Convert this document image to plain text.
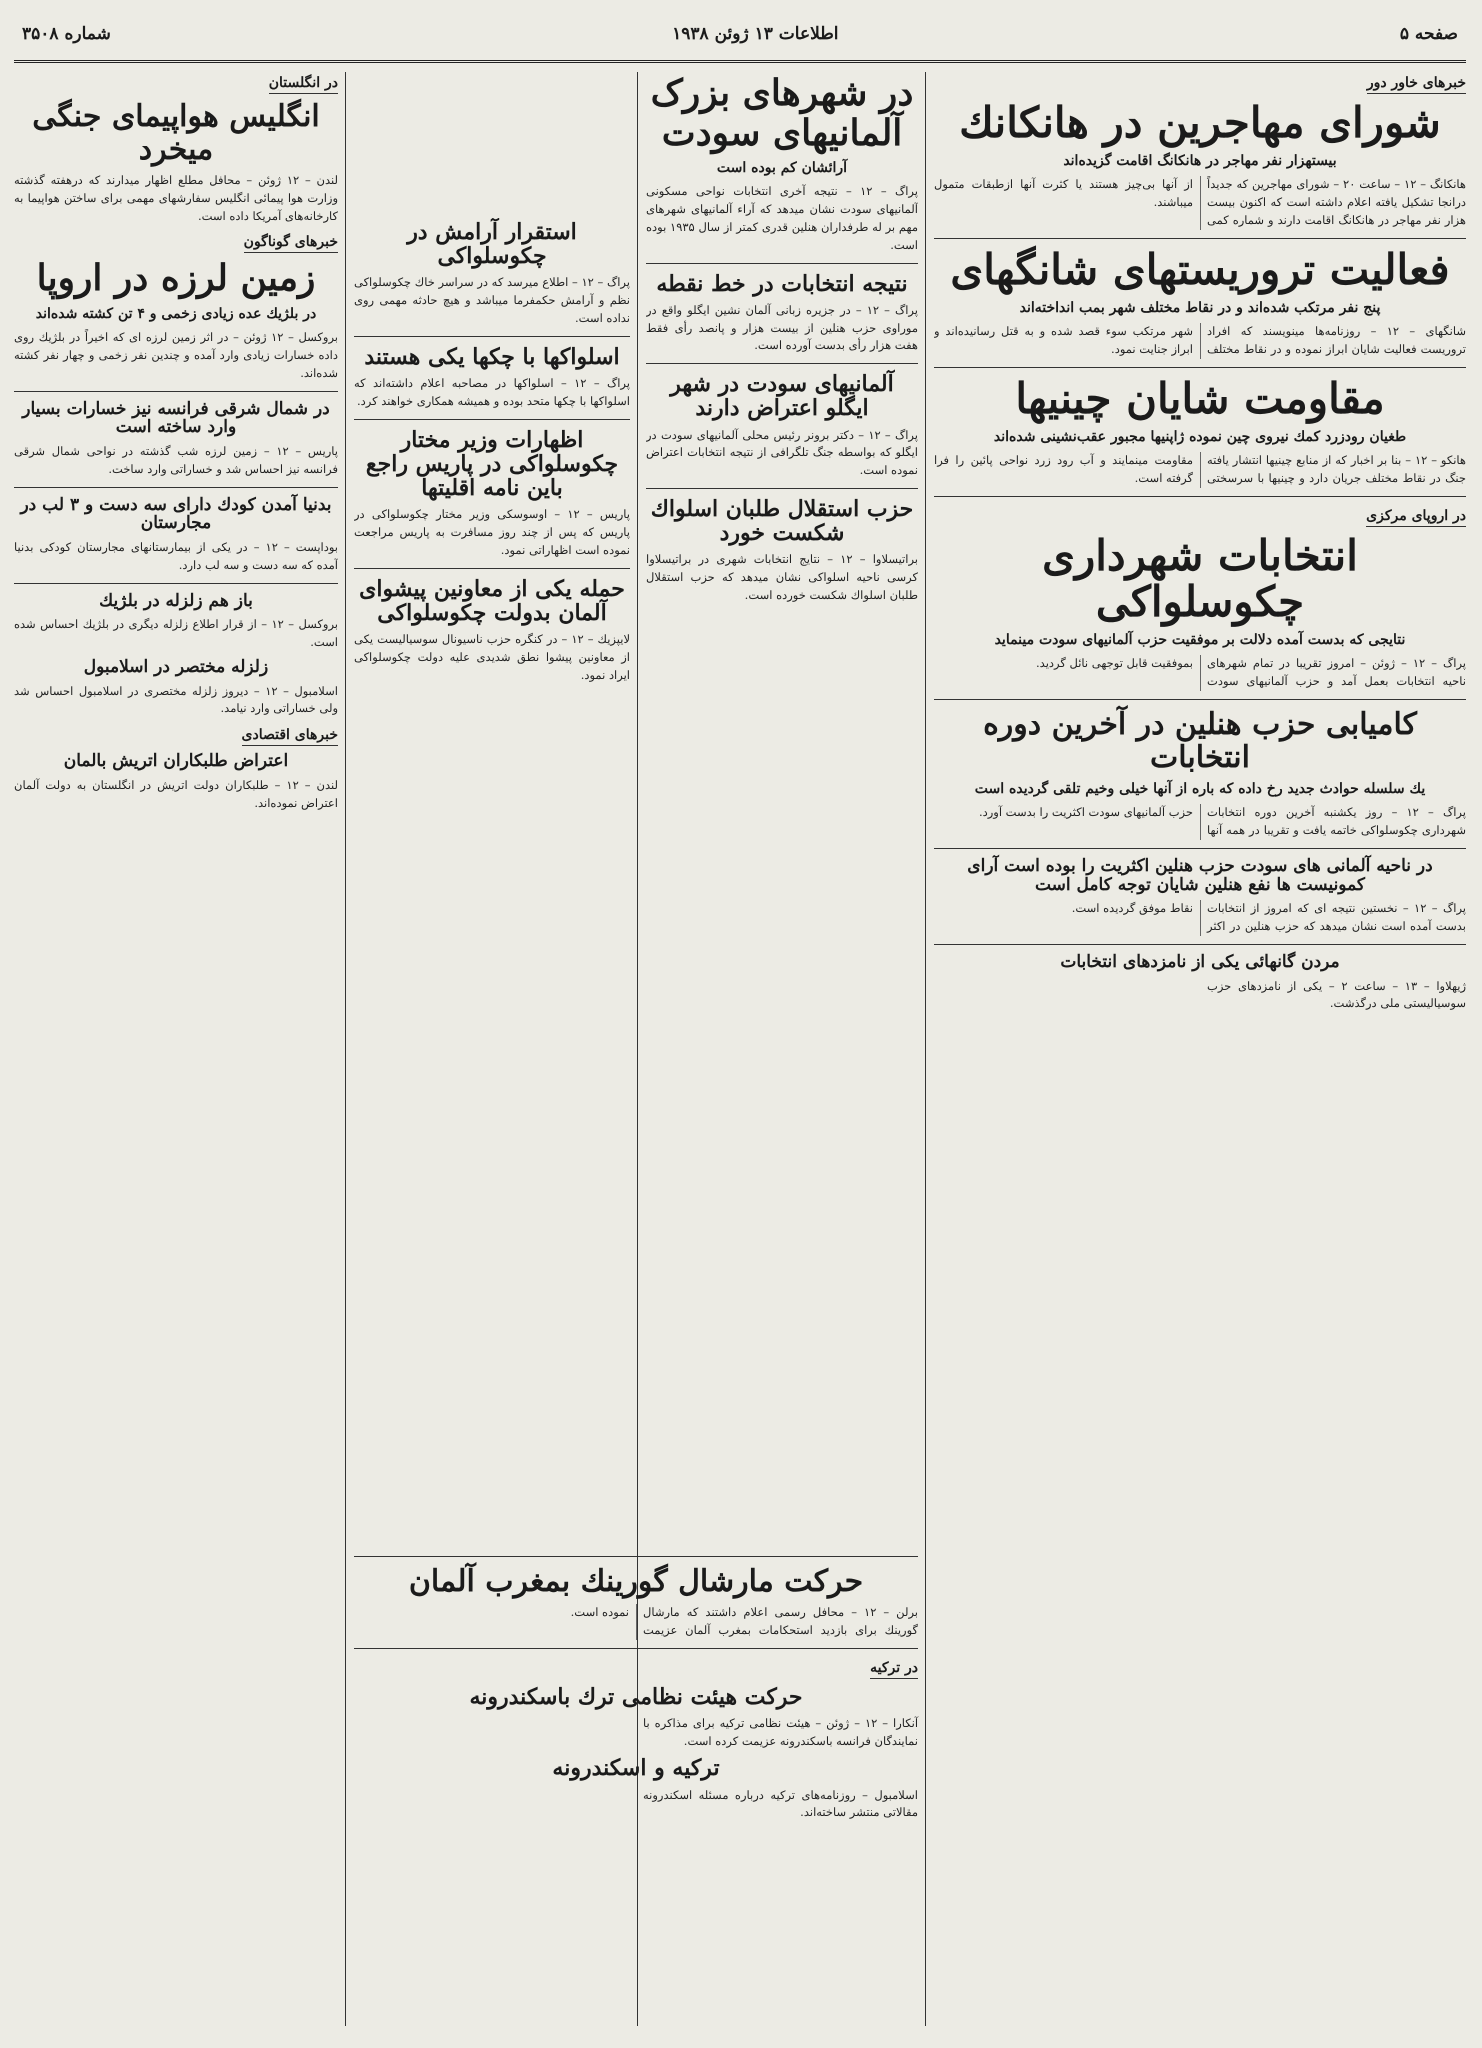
صفحه ۵
اطلاعات ۱۳ ژوئن ۱۹۳۸
شماره ۳۵۰۸
خبرهای خاور دور
شورای مهاجرین در هانکانك
بیستهزار نفر مهاجر در هانکانگ اقامت گزیده‌اند

هانکانگ – ۱۲ – ساعت ۲۰ – شورای مهاجرین که جدیداً درانجا تشکیل یافته اعلام داشته است که اکنون بیست هزار نفر مهاجر در هانکانگ اقامت دارند و شماره کمی از آنها بی‌چیز هستند یا کثرت آنها ازطبقات متمول میباشند.

فعالیت تروریستهای شانگهای
پنج نفر مرتکب شده‌اند و در نقاط مختلف شهر بمب انداخته‌اند

شانگهای – ۱۲ – روزنامه‌ها مینویسند که افراد تروریست فعالیت شایان ابراز نموده و در نقاط مختلف شهر مرتکب سوء قصد شده و به‌ قتل رسانیده‌اند و ابراز جنایت نمود.

مقاومت شایان چینیها
طغیان رودزرد کمك نیروی چین نموده ژاپنیها مجبور عقب‌نشینی شده‌اند

هانکو – ۱۲ – بنا بر اخبار که از منابع چینیها انتشار یافته جنگ در نقاط مختلف جریان دارد و چینیها با سرسختی مقاومت مینمایند و آب رود زرد نواحی پائین را فرا گرفته است.

در اروپای مرکزی
انتخابات شهرداری چکوسلواکی
نتایجی که بدست آمده دلالت بر موفقیت حزب آلمانیهای سودت مینماید

پراگ – ۱۲ – ژوئن – امروز تقریبا در تمام شهرهای ناحیه انتخابات بعمل آمد و حزب آلمانیهای سودت بموفقیت قابل توجهی نائل گردید.

کامیابی حزب هنلین در آخرین دوره انتخابات
یك سلسله حوادث جدید رخ داده که باره از آنها خیلی وخیم تلقی گردیده است

پراگ – ۱۲ – روز یکشنبه آخرین دوره انتخابات شهرداری چکوسلواکی خاتمه یافت و تقریبا در همه آنها حزب آلمانیهای سودت اکثریت را بدست آورد.

در ناحیه آلمانی های سودت حزب هنلین اکثریت را بوده است آرای کمونیست ها نفع هنلین شایان توجه کامل است

پراگ – ۱۲ – نخستین نتیجه ای که امروز از انتخابات بدست آمده است نشان میدهد که حزب هنلین در اکثر نقاط موفق گردیده است.

مردن گانهائی یکی از نامزدهای انتخابات

ژیهلاوا – ۱۳ – ساعت ۲ – یکی از نامزدهای حزب سوسیالیستی ملی درگذشت.

در شهرهای بزرک آلمانیهای سودت
آرائشان کم بوده است

پراگ – ۱۲ – نتیجه آخری انتخابات نواحی مسکونی آلمانیهای سودت نشان میدهد که آراء آلمانیهای شهرهای مهم بر له طرفداران هنلین قدری کمتر از سال ۱۹۳۵ بوده است.

نتیجه انتخابات در خط نقطه

پراگ – ۱۲ – در جزیره زبانی آلمان نشین ایگلو واقع در موراوی حزب هنلین از بیست هزار و پانصد رأی فقط هفت هزار رأی بدست آورده است.

آلمانیهای سودت در شهر ایگلو اعتراض دارند

پراگ – ۱۲ – دکتر برونر رئیس محلی آلمانیهای سودت در ایگلو که بواسطه جنگ تلگرافی از نتیجه انتخابات اعتراض نموده است.

حزب استقلال طلبان اسلواك شکست خورد

براتیسلاوا – ۱۲ – نتایج انتخابات شهری در براتیسلاوا کرسی ناحیه اسلواکی نشان میدهد که حزب استقلال طلبان اسلواك شکست خورده است.

استقرار آرامش در چکوسلواکی

پراگ – ۱۲ – اطلاع میرسد که در سراسر خاك چکوسلواکی نظم و آرامش حکمفرما میباشد و هیچ حادثه مهمی روی نداده است.

اسلواکها با چکها یکی هستند

پراگ – ۱۲ – اسلواکها در مصاحبه اعلام داشته‌اند که اسلواکها با چکها متحد بوده و همیشه همکاری خواهند کرد.

اظهارات وزیر مختار چکوسلواکی در پاریس راجع باین نامه اقلیتها

پاریس – ۱۲ – اوسوسکی وزیر مختار چکوسلواکی در پاریس که پس از چند روز مسافرت به پاریس مراجعت نموده است اظهاراتی نمود.

حمله یکی از معاونین پیشوای آلمان بدولت چکوسلواکی

لایپزیك – ۱۲ – در کنگره حزب ناسیونال سوسیالیست یکی از معاونین پیشوا نطق شدیدی علیه دولت چکوسلواکی ایراد نمود.

حرکت مارشال گورینك بمغرب آلمان

برلن – ۱۲ – محافل رسمی اعلام داشتند که مارشال گورینك برای بازدید استحکامات بمغرب آلمان عزیمت نموده است.

در ترکیه
حرکت هیئت نظامی ترك باسکندرونه

آنکارا – ۱۲ – ژوئن – هیئت نظامی ترکیه برای مذاکره با نمایندگان فرانسه باسکندرونه عزیمت کرده است.

ترکیه و اسکندرونه

اسلامبول – روزنامه‌های ترکیه درباره مسئله اسکندرونه مقالاتی منتشر ساخته‌اند.

در انگلستان
انگلیس هواپیمای جنگی میخرد

لندن – ۱۲ ژوئن – محافل مطلع اظهار میدارند که درهفته گذشته وزارت هوا پیمائی انگلیس سفارشهای مهمی برای ساختن هواپیما به کارخانه‌های آمریکا داده است.

خبرهای گوناگون
زمین لرزه در اروپا
در بلژیك عده زیادی زخمی و ۴ تن کشته شده‌اند

بروکسل – ۱۲ ژوئن – در اثر زمین لرزه ای که اخیراً در بلژیك روی داده خسارات زیادی وارد آمده و چندین نفر زخمی و چهار نفر کشته شده‌اند.

در شمال شرقی فرانسه نیز خسارات بسیار وارد ساخته است

پاریس – ۱۲ – زمین لرزه شب گذشته در نواحی شمال شرقی فرانسه نیز احساس شد و خساراتی وارد ساخت.

بدنیا آمدن کودك دارای سه دست و ۳ لب در مجارستان

بوداپست – ۱۲ – در یکی از بیمارستانهای مجارستان کودکی بدنیا آمده که سه دست و سه لب دارد.

باز هم زلزله در بلژیك

بروکسل – ۱۲ – از قرار اطلاع زلزله دیگری در بلژیك احساس شده است.

زلزله مختصر در اسلامبول

اسلامبول – ۱۲ – دیروز زلزله مختصری در اسلامبول احساس شد ولی خساراتی وارد نیامد.

خبرهای اقتصادی
اعتراض طلبکاران اتریش بالمان

لندن – ۱۲ – طلبکاران دولت اتریش در انگلستان به دولت آلمان اعتراض نموده‌اند.
